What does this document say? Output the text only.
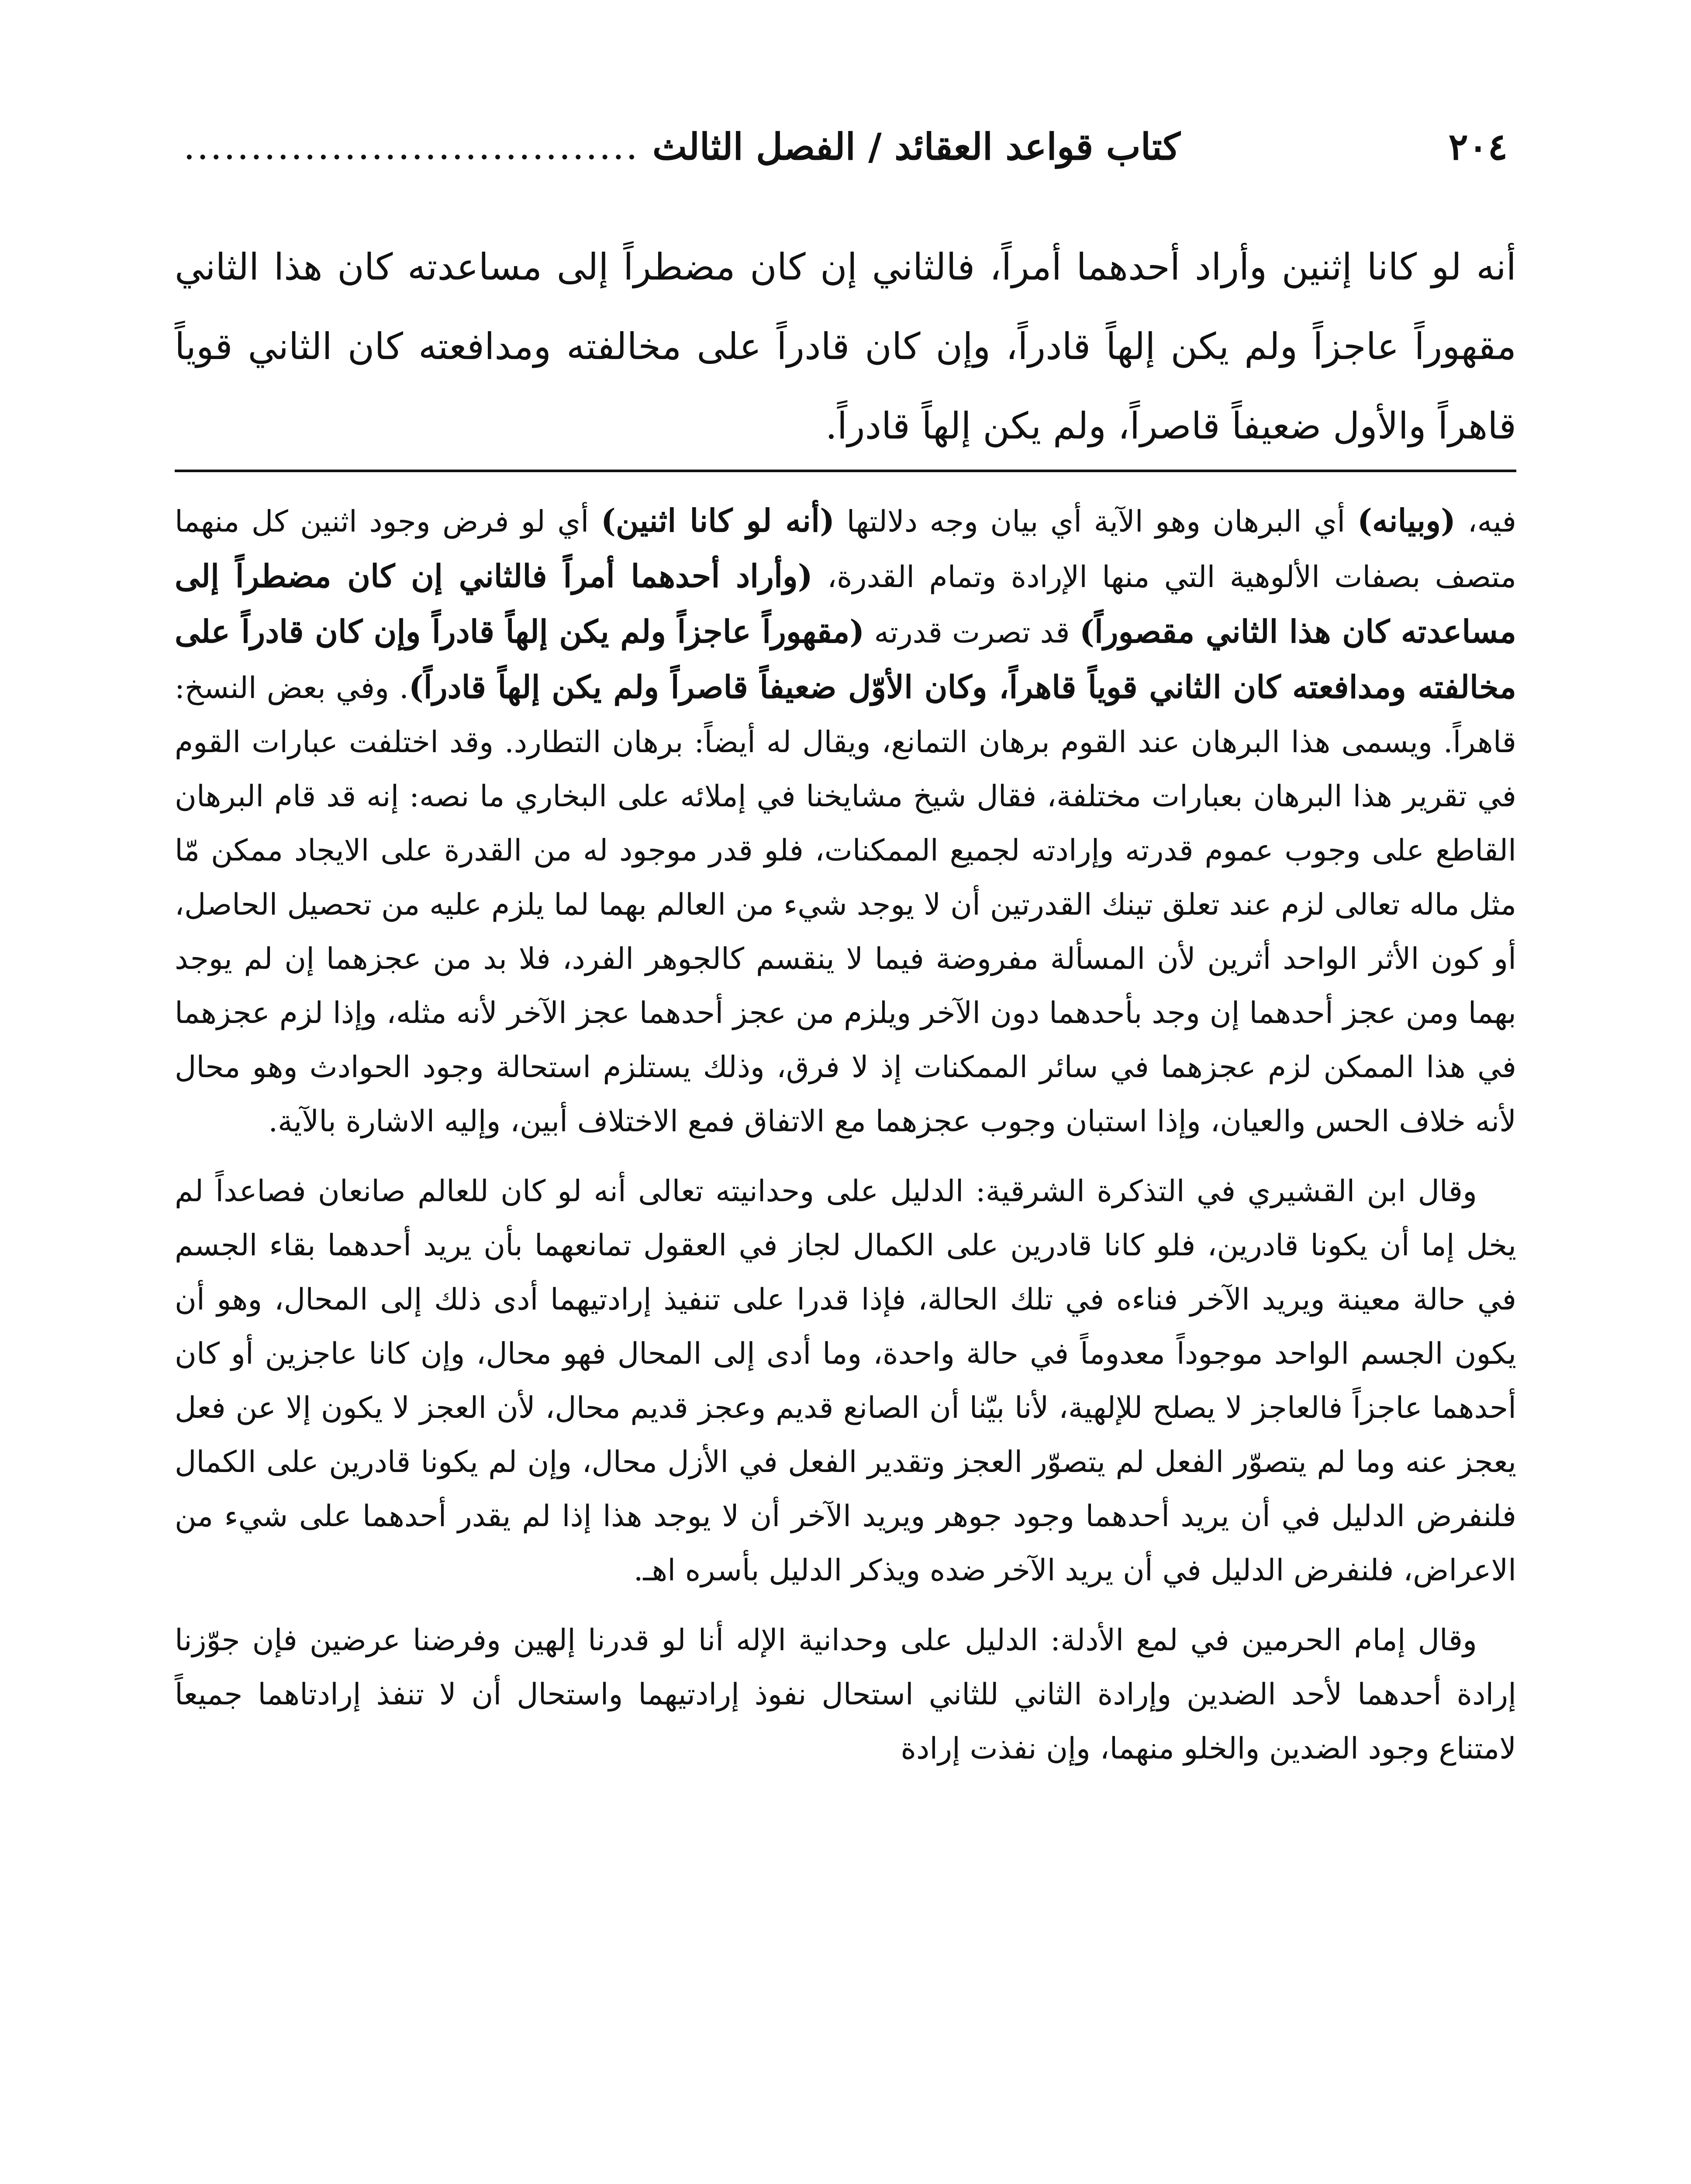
٢٠٤
كتاب قواعد العقائد / الفصل الثالث
..................................

أنه لو كانا إثنين وأراد أحدهما أمراً، فالثاني إن كان مضطراً إلى مساعدته كان هذا الثاني مقهوراً عاجزاً ولم يكن إلهاً قادراً، وإن كان قادراً على مخالفته ومدافعته كان الثاني قوياً قاهراً والأول ضعيفاً قاصراً، ولم يكن إلهاً قادراً.

فيه، (وبيانه) أي البرهان وهو الآية أي بيان وجه دلالتها (أنه لو كانا اثنين) أي لو فرض وجود اثنين كل منهما متصف بصفات الألوهية التي منها الإرادة وتمام القدرة، (وأراد أحدهما أمراً فالثاني إن كان مضطراً إلى مساعدته كان هذا الثاني مقصوراً) قد تصرت قدرته (مقهوراً عاجزاً ولم يكن إلهاً قادراً وإن كان قادراً على مخالفته ومدافعته كان الثاني قوياً قاهراً، وكان الأوّل ضعيفاً قاصراً ولم يكن إلهاً قادراً). وفي بعض النسخ: قاهراً. ويسمى هذا البرهان عند القوم برهان التمانع، ويقال له أيضاً: برهان التطارد. وقد اختلفت عبارات القوم في تقرير هذا البرهان بعبارات مختلفة، فقال شيخ مشايخنا في إملائه على البخاري ما نصه: إنه قد قام البرهان القاطع على وجوب عموم قدرته وإرادته لجميع الممكنات، فلو قدر موجود له من القدرة على الايجاد ممكن مّا مثل ماله تعالى لزم عند تعلق تينك القدرتين أن لا يوجد شيء من العالم بهما لما يلزم عليه من تحصيل الحاصل، أو كون الأثر الواحد أثرين لأن المسألة مفروضة فيما لا ينقسم كالجوهر الفرد، فلا بد من عجزهما إن لم يوجد بهما ومن عجز أحدهما إن وجد بأحدهما دون الآخر ويلزم من عجز أحدهما عجز الآخر لأنه مثله، وإذا لزم عجزهما في هذا الممكن لزم عجزهما في سائر الممكنات إذ لا فرق، وذلك يستلزم استحالة وجود الحوادث وهو محال لأنه خلاف الحس والعيان، وإذا استبان وجوب عجزهما مع الاتفاق فمع الاختلاف أبين، وإليه الاشارة بالآية.

وقال ابن القشيري في التذكرة الشرقية: الدليل على وحدانيته تعالى أنه لو كان للعالم صانعان فصاعداً لم يخل إما أن يكونا قادرين، فلو كانا قادرين على الكمال لجاز في العقول تمانعهما بأن يريد أحدهما بقاء الجسم في حالة معينة ويريد الآخر فناءه في تلك الحالة، فإذا قدرا على تنفيذ إرادتيهما أدى ذلك إلى المحال، وهو أن يكون الجسم الواحد موجوداً معدوماً في حالة واحدة، وما أدى إلى المحال فهو محال، وإن كانا عاجزين أو كان أحدهما عاجزاً فالعاجز لا يصلح للإلهية، لأنا بيّنا أن الصانع قديم وعجز قديم محال، لأن العجز لا يكون إلا عن فعل يعجز عنه وما لم يتصوّر الفعل لم يتصوّر العجز وتقدير الفعل في الأزل محال، وإن لم يكونا قادرين على الكمال فلنفرض الدليل في أن يريد أحدهما وجود جوهر ويريد الآخر أن لا يوجد هذا إذا لم يقدر أحدهما على شيء من الاعراض، فلنفرض الدليل في أن يريد الآخر ضده ويذكر الدليل بأسره اهـ.

وقال إمام الحرمين في لمع الأدلة: الدليل على وحدانية الإله أنا لو قدرنا إلهين وفرضنا عرضين فإن جوّزنا إرادة أحدهما لأحد الضدين وإرادة الثاني للثاني استحال نفوذ إرادتيهما واستحال أن لا تنفذ إرادتاهما جميعاً لامتناع وجود الضدين والخلو منهما، وإن نفذت إرادة
